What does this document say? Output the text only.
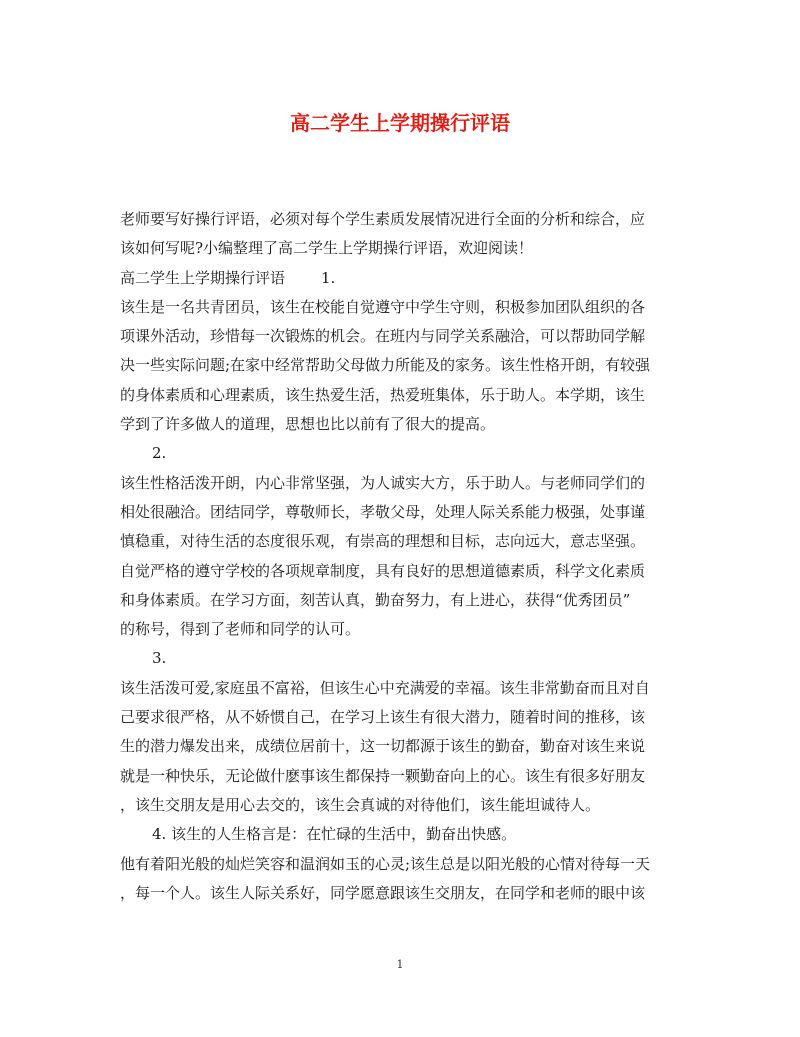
高二学生上学期操行评语
老师要写好操行评语，必须对每个学生素质发展情况进行全面的分析和综合，应
该如何写呢?小编整理了高二学生上学期操行评语，欢迎阅读！
高二学生上学期操行评语 1.
该生是一名共青团员，该生在校能自觉遵守中学生守则，积极参加团队组织的各
项课外活动，珍惜每一次锻炼的机会。在班内与同学关系融洽，可以帮助同学解
决一些实际问题;在家中经常帮助父母做力所能及的家务。该生性格开朗，有较强
的身体素质和心理素质，该生热爱生活，热爱班集体，乐于助人。本学期，该生
学到了许多做人的道理，思想也比以前有了很大的提高。
2.
该生性格活泼开朗，内心非常坚强，为人诚实大方，乐于助人。与老师同学们的
相处很融洽。团结同学，尊敬师长，孝敬父母，处理人际关系能力极强，处事谨
慎稳重，对待生活的态度很乐观，有崇高的理想和目标，志向远大，意志坚强。
自觉严格的遵守学校的各项规章制度，具有良好的思想道德素质，科学文化素质
和身体素质。在学习方面，刻苦认真，勤奋努力，有上进心，获得“优秀团员”
的称号，得到了老师和同学的认可。
3.
该生活泼可爱,家庭虽不富裕，但该生心中充满爱的幸福。该生非常勤奋而且对自
己要求很严格，从不娇惯自己，在学习上该生有很大潜力，随着时间的推移，该
生的潜力爆发出来，成绩位居前十，这一切都源于该生的勤奋，勤奋对该生来说
就是一种快乐，无论做什麽事该生都保持一颗勤奋向上的心。该生有很多好朋友
，该生交朋友是用心去交的，该生会真诚的对待他们，该生能坦诚待人。
4. 该生的人生格言是：在忙碌的生活中，勤奋出快感。
他有着阳光般的灿烂笑容和温润如玉的心灵;该生总是以阳光般的心情对待每一天
，每一个人。该生人际关系好，同学愿意跟该生交朋友，在同学和老师的眼中该
1
